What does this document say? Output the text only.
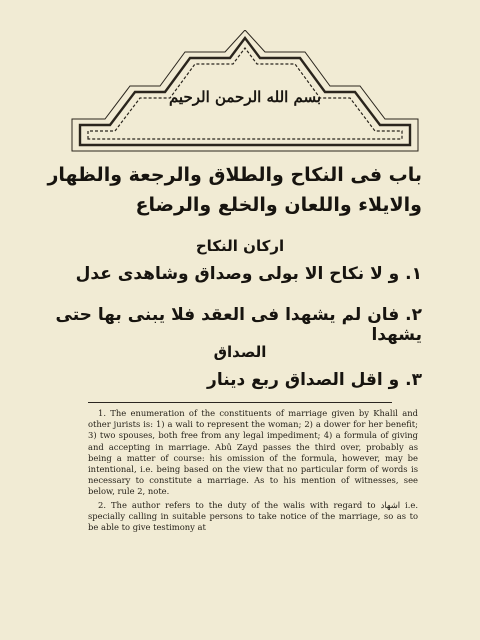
بسم الله الرحمن الرحيم
باب فى النكاح والطلاق والرجعة والظهار
والايلاء واللعان والخلع والرضاع
اركان النكاح
١. و لا نكاح الا بولى وصداق وشاهدى عدل
٢. فان لم يشهدا فى العقد فلا يبنى بها حتى يشهدا
الصداق
٣. و اقل الصداق ربع دينار

1. The enumeration of the constituents of marriage given by Khalil and other jurists is: 1) a wali to represent the woman; 2) a dower for her benefit; 3) two spouses, both free from any legal impediment; 4) a formula of giving and accepting in marriage. Abû Zayd passes the third over, probably as being a matter of course: his omission of the formula, however, may be intentional, i.e. being based on the view that no particular form of words is necessary to constitute a marriage. As to his mention of witnesses, see below, rule 2, note.

2. The author refers to the duty of the walis with regard to اشهاد i.e. specially calling in suitable persons to take notice of the marriage, so as to be able to give testimony at
